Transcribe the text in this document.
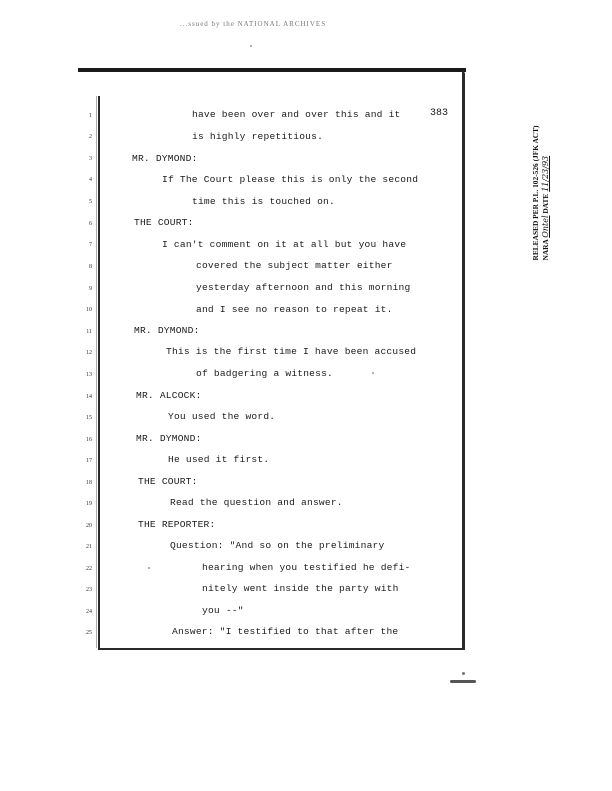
...ssued by the NATIONAL ARCHIVES
383
1	have been over and over this and it
2	is highly repetitious.
3	MR. DYMOND:
4	If The Court please this is only the second
5	time this is touched on.
6	THE COURT:
7	I can't comment on it at all but you have
8	covered the subject matter either
9	yesterday afternoon and this morning
10	and I see no reason to repeat it.
11	MR. DYMOND:
12	This is the first time I have been accused
13	of badgering a witness.
14	MR. ALCOCK:
15	You used the word.
16	MR. DYMOND:
17	He used it first.
18	THE COURT:
19	Read the question and answer.
20	THE REPORTER:
21	Question: "And so on the preliminary
22	hearing when you testified he defi-
23	nitely went inside the party with
24	you --"
25	Answer: "I testified to that after the
RELEASED PER P.L. 102-526 (JFK ACT)
NARA Ontel DATE 11/23/93
